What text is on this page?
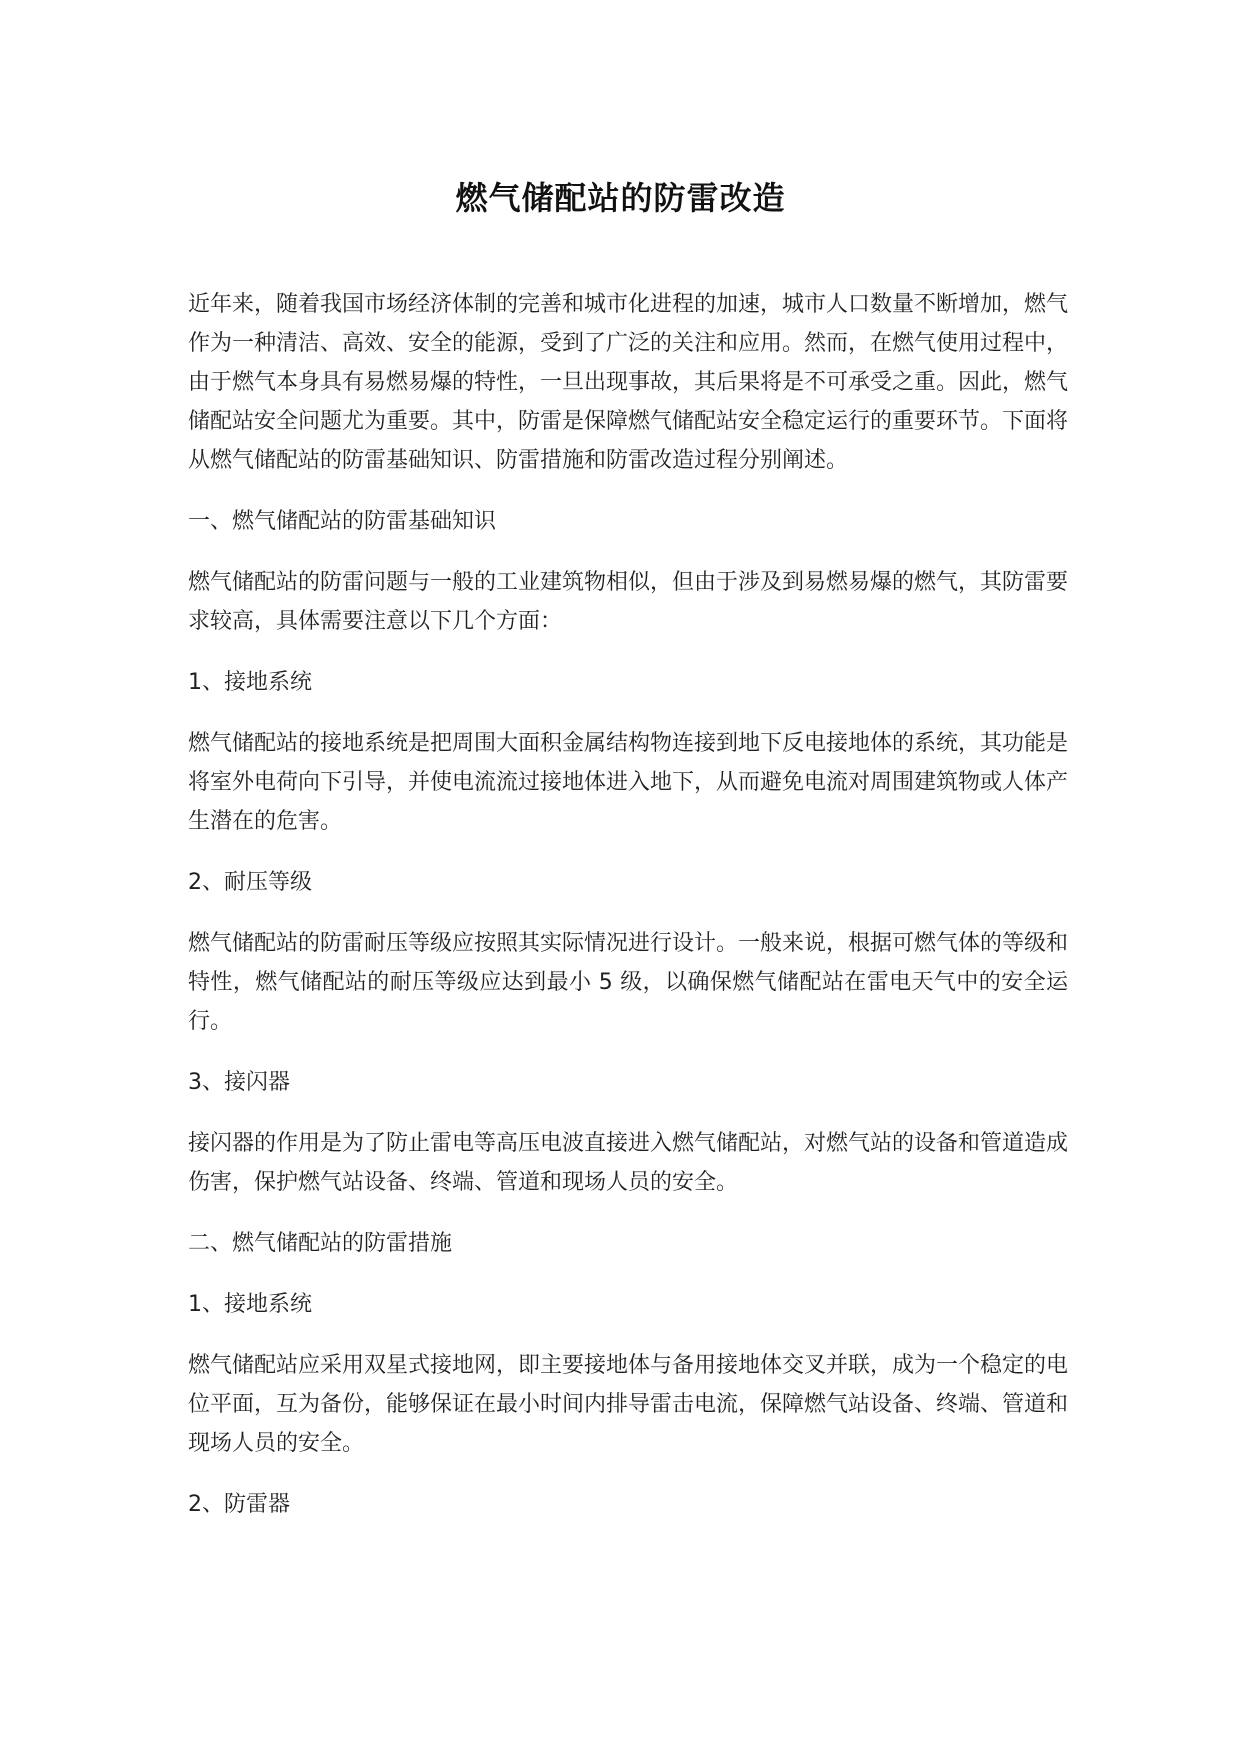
燃气储配站的防雷改造

近年来，随着我国市场经济体制的完善和城市化进程的加速，城市人口数量不断增加，燃气作为一种清洁、高效、安全的能源，受到了广泛的关注和应用。然而，在燃气使用过程中，由于燃气本身具有易燃易爆的特性，一旦出现事故，其后果将是不可承受之重。因此，燃气储配站安全问题尤为重要。其中，防雷是保障燃气储配站安全稳定运行的重要环节。下面将从燃气储配站的防雷基础知识、防雷措施和防雷改造过程分别阐述。

一、燃气储配站的防雷基础知识

燃气储配站的防雷问题与一般的工业建筑物相似，但由于涉及到易燃易爆的燃气，其防雷要求较高，具体需要注意以下几个方面：

1、接地系统

燃气储配站的接地系统是把周围大面积金属结构物连接到地下反电接地体的系统，其功能是将室外电荷向下引导，并使电流流过接地体进入地下，从而避免电流对周围建筑物或人体产生潜在的危害。

2、耐压等级

燃气储配站的防雷耐压等级应按照其实际情况进行设计。一般来说，根据可燃气体的等级和特性，燃气储配站的耐压等级应达到最小 5 级，以确保燃气储配站在雷电天气中的安全运行。

3、接闪器

接闪器的作用是为了防止雷电等高压电波直接进入燃气储配站，对燃气站的设备和管道造成伤害，保护燃气站设备、终端、管道和现场人员的安全。

二、燃气储配站的防雷措施

1、接地系统

燃气储配站应采用双星式接地网，即主要接地体与备用接地体交叉并联，成为一个稳定的电位平面，互为备份，能够保证在最小时间内排导雷击电流，保障燃气站设备、终端、管道和现场人员的安全。

2、防雷器
